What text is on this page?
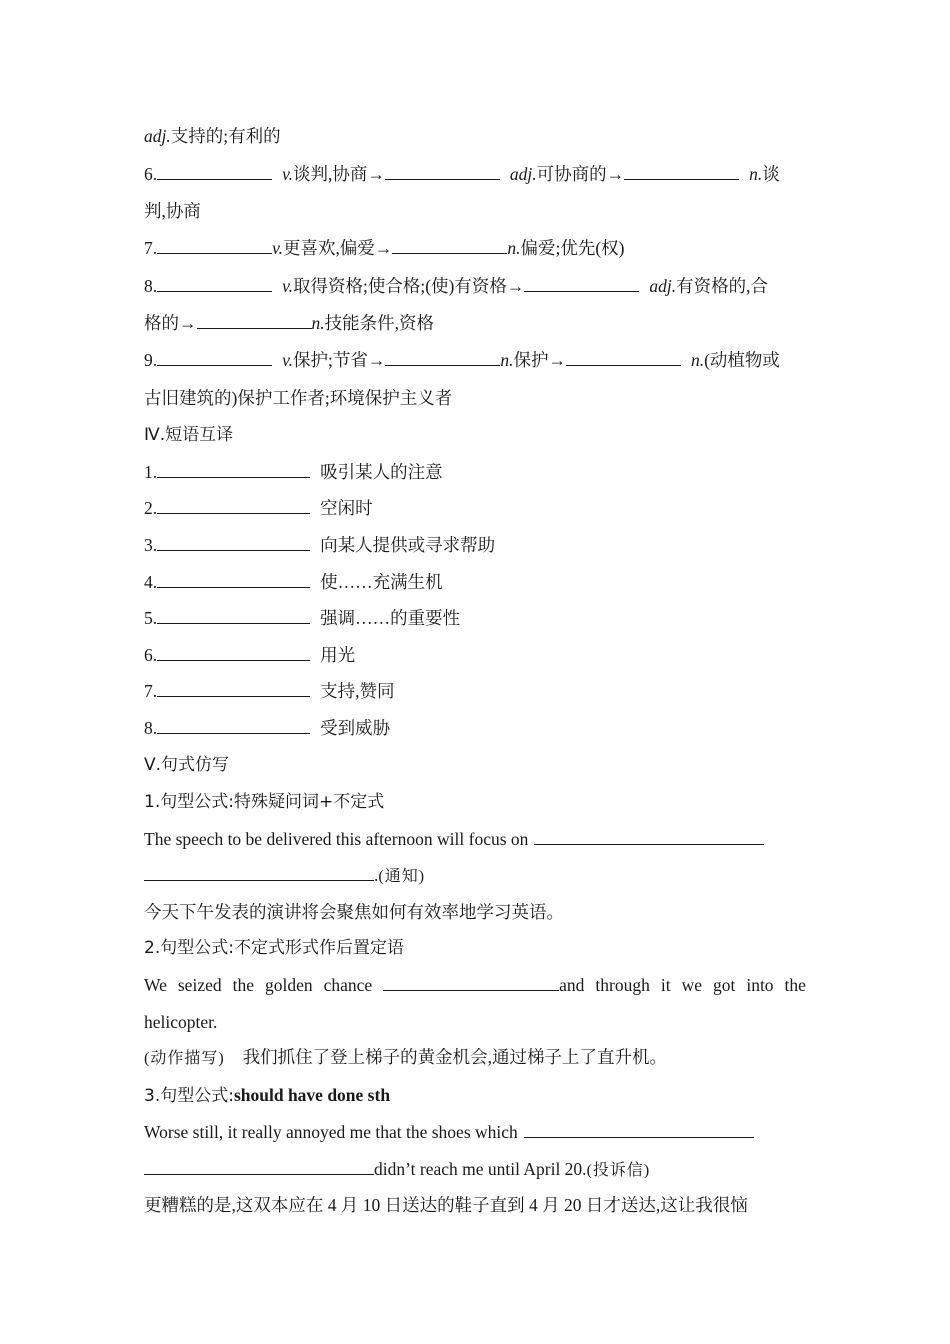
adj.支持的;有利的
6.	v.谈判,协商→	adj.可协商的→	n.谈
判,协商
7.	v.更喜欢,偏爱→	n.偏爱;优先(权)
8.	v.取得资格;使合格;(使)有资格→	adj.有资格的,合
格的→	n.技能条件,资格
9.	v.保护;节省→	n.保护→	n.(动植物或
古旧建筑的)保护工作者;环境保护主义者
Ⅳ.短语互译
1.	吸引某人的注意
2.	空闲时
3.	向某人提供或寻求帮助
4.	使……充满生机
5.	强调……的重要性
6.	用光
7.	支持,赞同
8.	受到威胁
Ⅴ.句式仿写
1.句型公式:特殊疑问词+不定式
The speech to be delivered this afternoon will focus on
.(通知)
今天下午发表的演讲将会聚焦如何有效率地学习英语。
2.句型公式:不定式形式作后置定语
We seized the golden chance	and through it we got into the
helicopter.
(动作描写) 我们抓住了登上梯子的黄金机会,通过梯子上了直升机。
3.句型公式:should have done sth
Worse still, it really annoyed me that the shoes which
didn’t reach me until April 20.(投诉信)
更糟糕的是,这双本应在 4 月 10 日送达的鞋子直到 4 月 20 日才送达,这让我很恼
